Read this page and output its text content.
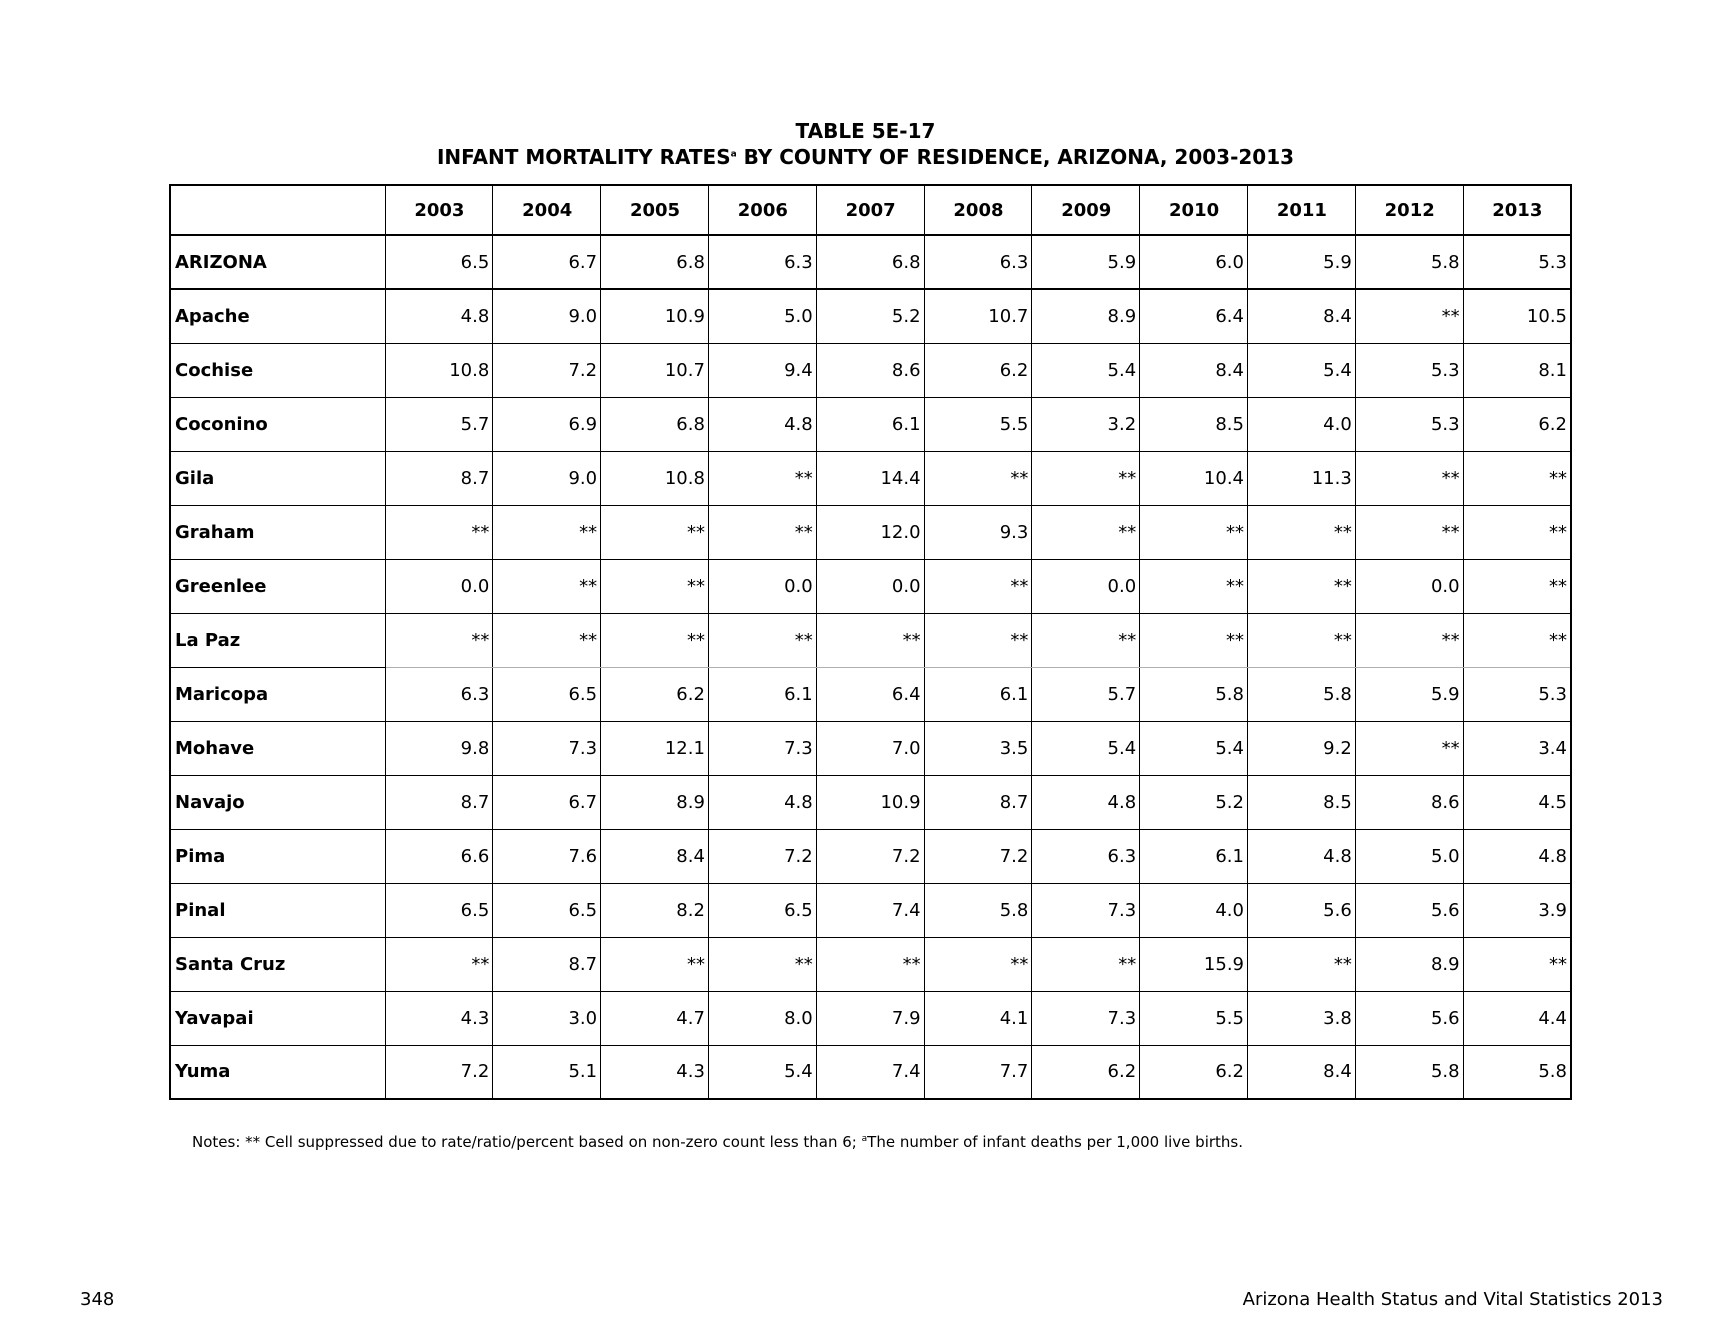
TABLE 5E-17
INFANT MORTALITY RATES$^a$ BY COUNTY OF RESIDENCE, ARIZONA, 2003-2013
	2003	2004	2005	2006	2007	2008	2009	2010	2011	2012	2013
ARIZONA	6.5	6.7	6.8	6.3	6.8	6.3	5.9	6.0	5.9	5.8	5.3
Apache	4.8	9.0	10.9	5.0	5.2	10.7	8.9	6.4	8.4	**	10.5
Cochise	10.8	7.2	10.7	9.4	8.6	6.2	5.4	8.4	5.4	5.3	8.1
Coconino	5.7	6.9	6.8	4.8	6.1	5.5	3.2	8.5	4.0	5.3	6.2
Gila	8.7	9.0	10.8	**	14.4	**	**	10.4	11.3	**	**
Graham	**	**	**	**	12.0	9.3	**	**	**	**	**
Greenlee	0.0	**	**	0.0	0.0	**	0.0	**	**	0.0	**
La Paz	**	**	**	**	**	**	**	**	**	**	**
Maricopa	6.3	6.5	6.2	6.1	6.4	6.1	5.7	5.8	5.8	5.9	5.3
Mohave	9.8	7.3	12.1	7.3	7.0	3.5	5.4	5.4	9.2	**	3.4
Navajo	8.7	6.7	8.9	4.8	10.9	8.7	4.8	5.2	8.5	8.6	4.5
Pima	6.6	7.6	8.4	7.2	7.2	7.2	6.3	6.1	4.8	5.0	4.8
Pinal	6.5	6.5	8.2	6.5	7.4	5.8	7.3	4.0	5.6	5.6	3.9
Santa Cruz	**	8.7	**	**	**	**	**	15.9	**	8.9	**
Yavapai	4.3	3.0	4.7	8.0	7.9	4.1	7.3	5.5	3.8	5.6	4.4
Yuma	7.2	5.1	4.3	5.4	7.4	7.7	6.2	6.2	8.4	5.8	5.8
Notes: ** Cell suppressed due to rate/ratio/percent based on non-zero count less than 6; $^a$The number of infant deaths per 1,000 live births.
348	Arizona Health Status and Vital Statistics 2013
